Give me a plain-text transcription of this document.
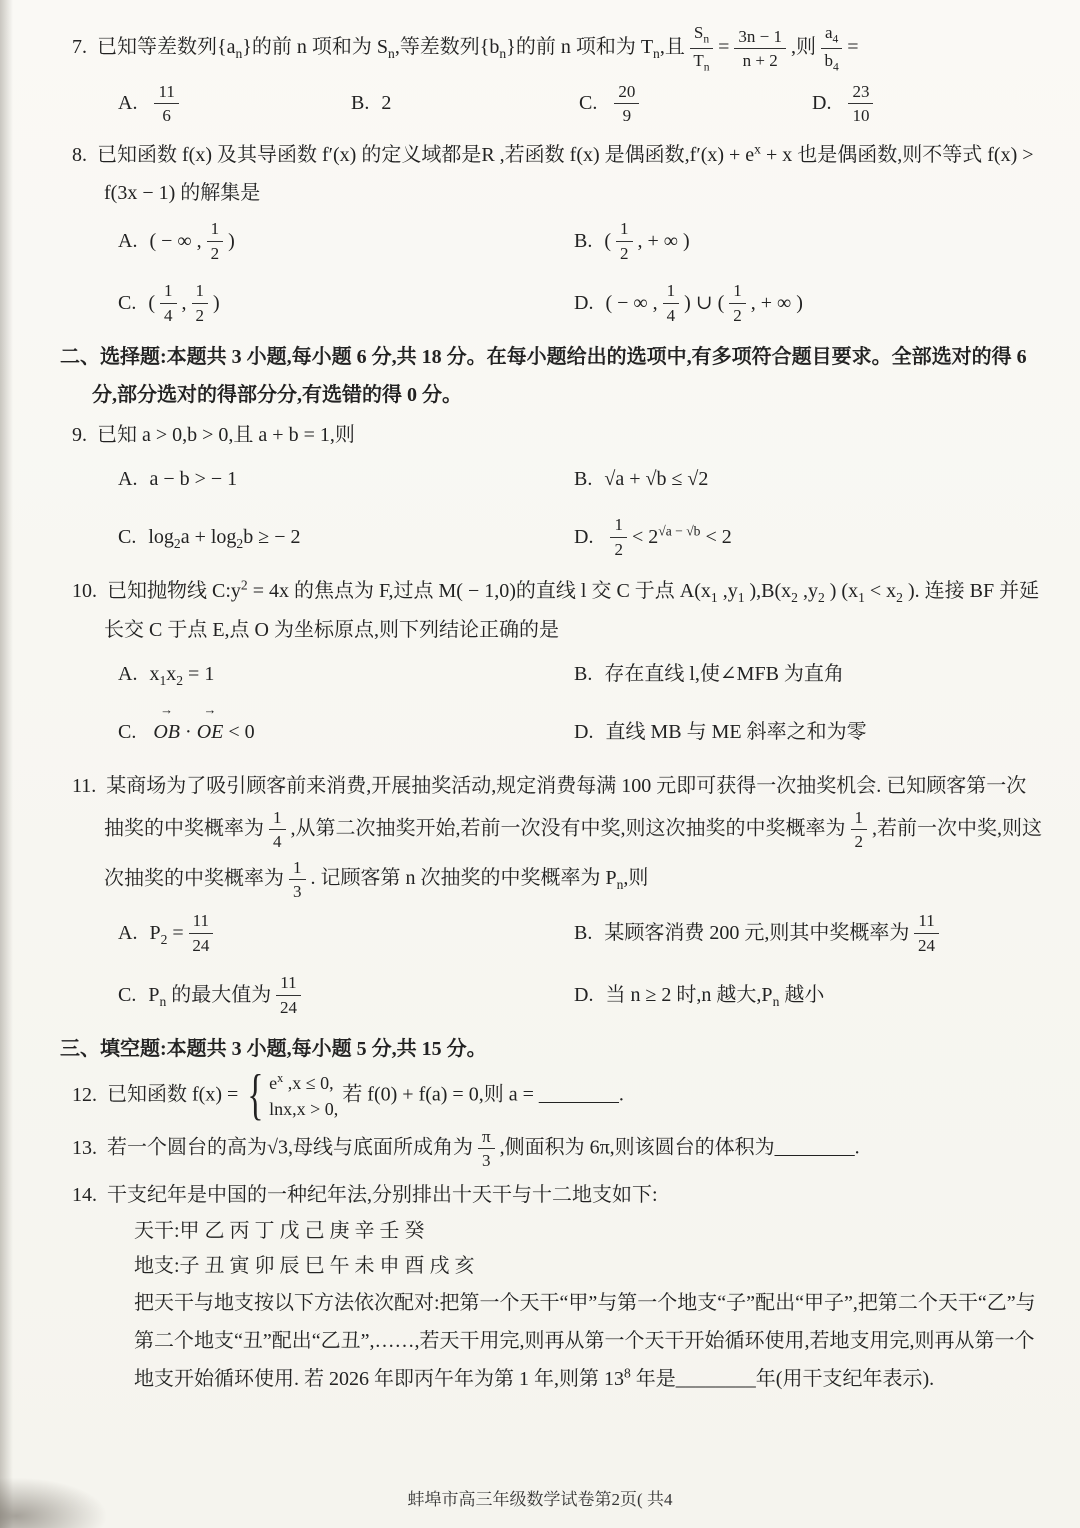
7. 已知等差数列$\{a_n\}$的前 n 项和为 $S_n$,等差数列$\{b_n\}$的前 n 项和为 $T_n$,且 $\frac{S_n}{T_n} = \frac{3n - 1}{n + 2}$ ,则 $\frac{a_4}{b_4}$ =

A. $\frac{11}{6}$	B. 2	C. $\frac{20}{9}$	D. $\frac{23}{10}$

8. 已知函数 f(x) 及其导函数 f′(x) 的定义域都是R ,若函数 f(x) 是偶函数$,f'(x) + e^x + x$ 也是偶函数,则不等式 f(x) > f(3x − 1) 的解集是

A. ( − ∞ , $\frac{1}{2}$ )	B. ( $\frac{1}{2}$ , + ∞ )
C. ( $\frac{1}{4}$ , $\frac{1}{2}$ )	D. ( − ∞ , $\frac{1}{4}$ ) ∪ ( $\frac{1}{2}$ , + ∞ )

二、选择题:本题共 3 小题,每小题 6 分,共 18 分。在每小题给出的选项中,有多项符合题目要求。全部选对的得 6 分,部分选对的得部分分,有选错的得 0 分。

9. 已知 a > 0,b > 0,且 a + b = 1,则

A. a − b > − 1	B. √a + √b ≤ √2
C. $\log_2a + \log_2b$ ≥ − 2	D. $\frac{1}{2} < 2^{√a - √b} < 2$

10. 已知抛物线 $C:y^2 = 4x$ 的焦点为 F,过点 M( − 1,0)的直线 l 交 C 于点 $A(x_1$ $,y_1$ )$,B(x_2$ $,y_2$ ) ($x_1 < x_2$ ). 连接 BF 并延长交 C 于点 E,点 O 为坐标原点,则下列结论正确的是

A. $x_1x_2 = 1$	B. 存在直线 l,使∠MFB 为直角
C. OB → · OE → < 0	D. 直线 MB 与 ME 斜率之和为零

11. 某商场为了吸引顾客前来消费,开展抽奖活动,规定消费每满 100 元即可获得一次抽奖机会. 已知顾客第一次抽奖的中奖概率为 $\frac{1}{4}$ ,从第二次抽奖开始,若前一次没有中奖,则这次抽奖的中奖概率为 $\frac{1}{2}$ ,若前一次中奖,则这次抽奖的中奖概率为 $\frac{1}{3}$ . 记顾客第 n 次抽奖的中奖概率为 $P_n$,则

A. $P_2 = \frac{11}{24}$	B. 某顾客消费 200 元,则其中奖概率为 $\frac{11}{24}$
C. $P_n$ 的最大值为 $\frac{11}{24}$	D. 当 n ≥ 2 时,n 越大$,P_n$ 越小

三、填空题:本题共 3 小题,每小题 5 分,共 15 分。

12. 已知函数 f(x) = { $e^x$ ,x ≤ 0,
lnx,x > 0,
若 f(0) + f(a) = 0,则 a = ________.

13. 若一个圆台的高为√3,母线与底面所成角为 $\frac{\pi}{3}$ ,侧面积为 6π,则该圆台的体积为________.

14. 干支纪年是中国的一种纪年法,分别排出十天干与十二地支如下:

天干:甲 乙 丙 丁 戊 己 庚 辛 壬 癸

地支:子 丑 寅 卯 辰 巳 午 未 申 酉 戌 亥

把天干与地支按以下方法依次配对:把第一个天干“甲”与第一个地支“子”配出“甲子”,把第二个天干“乙”与第二个地支“丑”配出“乙丑”,……,若天干用完,则再从第一个天干开始循环使用,若地支用完,则再从第一个地支开始循环使用. 若 2026 年即丙午年为第 1 年,则第 $13^8$ 年是________年(用干支纪年表示).

蚌埠市高三年级数学试卷第2页( 共4
